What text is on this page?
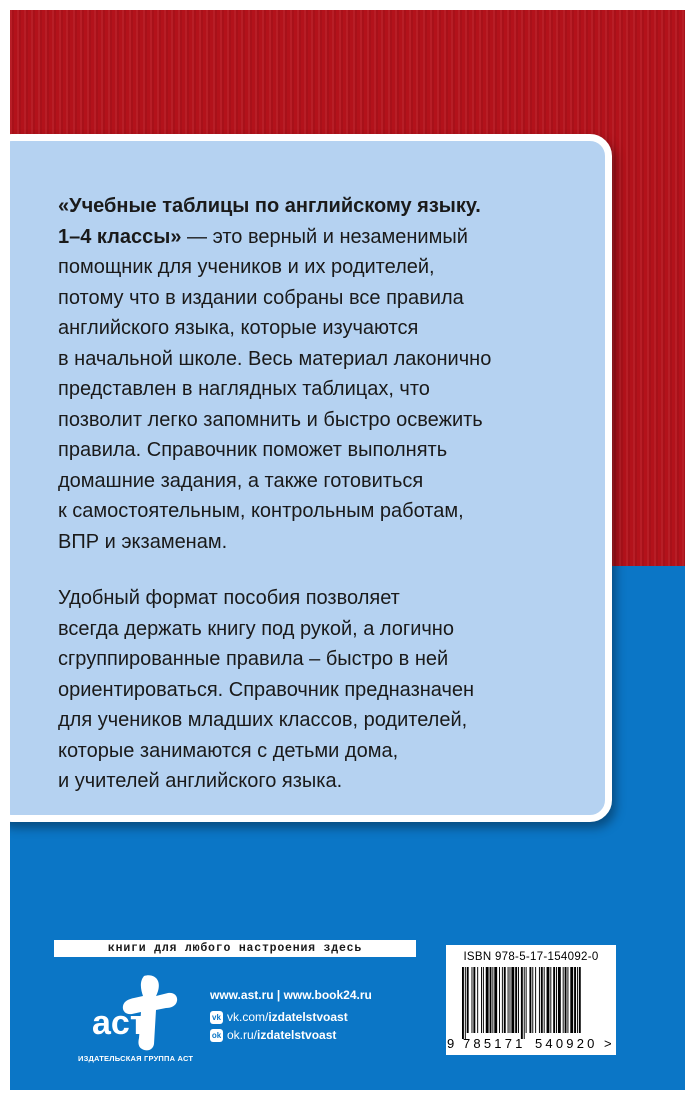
«Учебные таблицы по английскому языку.
1–4 классы» — это верный и незаменимый
помощник для учеников и их родителей,
потому что в издании собраны все правила
английского языка, которые изучаются
в начальной школе. Весь материал лаконично
представлен в наглядных таблицах, что
позволит легко запомнить и быстро освежить
правила. Справочник поможет выполнять
домашние задания, а также готовиться
к самостоятельным, контрольным работам,
ВПР и экзаменам.

Удобный формат пособия позволяет
всегда держать книгу под рукой, а логично
сгруппированные правила – быстро в ней
ориентироваться. Справочник предназначен
для учеников младших классов, родителей,
которые занимаются с детьми дома,
и учителей английского языка.

книги для любого настроения здесь
аст
ИЗДАТЕЛЬСКАЯ ГРУППА АСТ
www.ast.ru | www.book24.ru
vk vk.com/ izdatelstvoast
ok ok.ru/ izdatelstvoast
ISBN 978-5-17-154092-0
9 785171 540920 >
